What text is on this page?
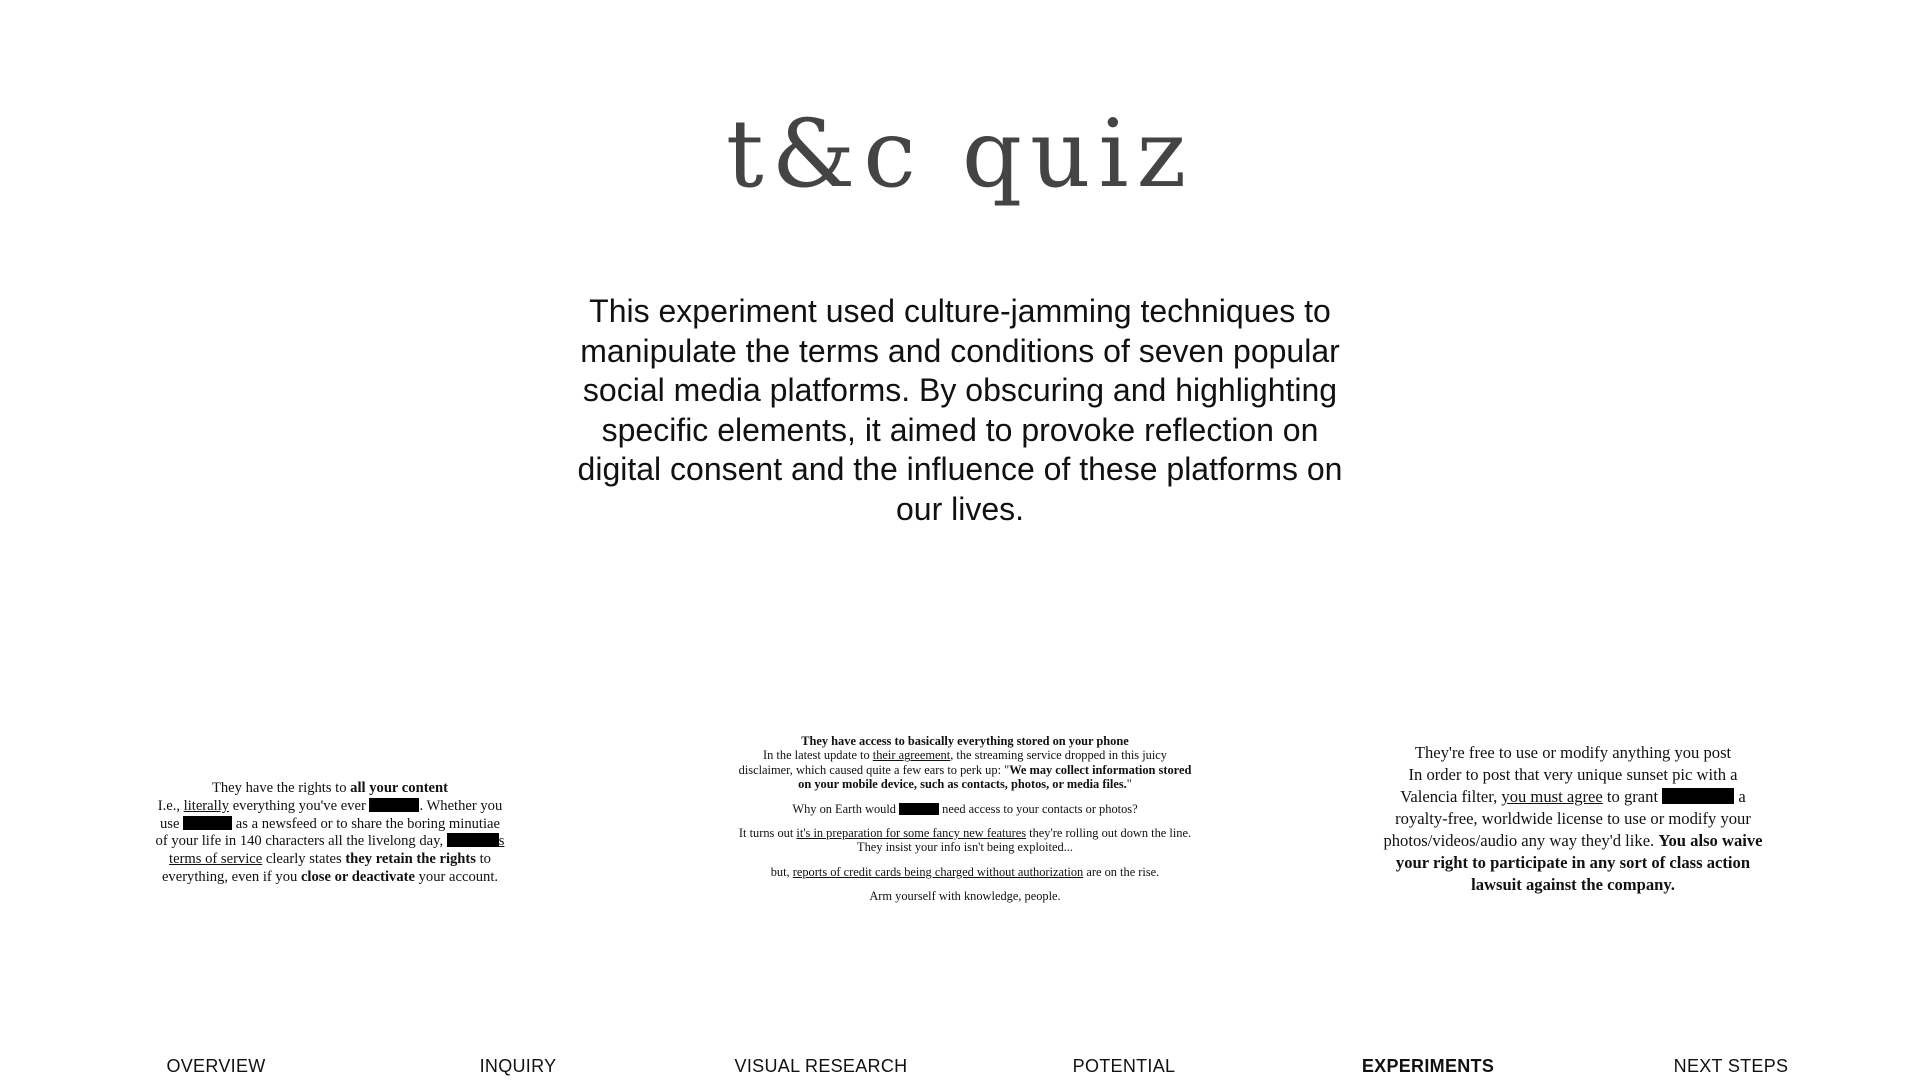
t&c quiz

This experiment used culture-jamming techniques to manipulate the terms and conditions of seven popular social media platforms. By obscuring and highlighting specific elements, it aimed to provoke reflection on digital consent and the influence of these platforms on our lives.

They have the rights to all your content
I.e., literally everything you've ever	. Whether you
use	as a newsfeed or to share the boring minutiae
of your life in 140 characters all the livelong day,	s
terms of service clearly states they retain the rights to
everything, even if you close or deactivate your account.

They have access to basically everything stored on your phone
In the latest update to their agreement, the streaming service dropped in this juicy disclaimer, which caused quite a few ears to perk up: "We may collect information stored on your mobile device, such as contacts, photos, or media files."

Why on Earth would	need access to your contacts or photos?

It turns out it's in preparation for some fancy new features they're rolling out down the line. They insist your info isn't being exploited...

but, reports of credit cards being charged without authorization are on the rise.

Arm yourself with knowledge, people.

They're free to use or modify anything you post
In order to post that very unique sunset pic with a
Valencia filter, you must agree to grant	a
royalty-free, worldwide license to use or modify your
photos/videos/audio any way they'd like. You also waive
your right to participate in any sort of class action
lawsuit against the company.
OVERVIEW	INQUIRY	VISUAL RESEARCH	POTENTIAL	EXPERIMENTS	NEXT STEPS
